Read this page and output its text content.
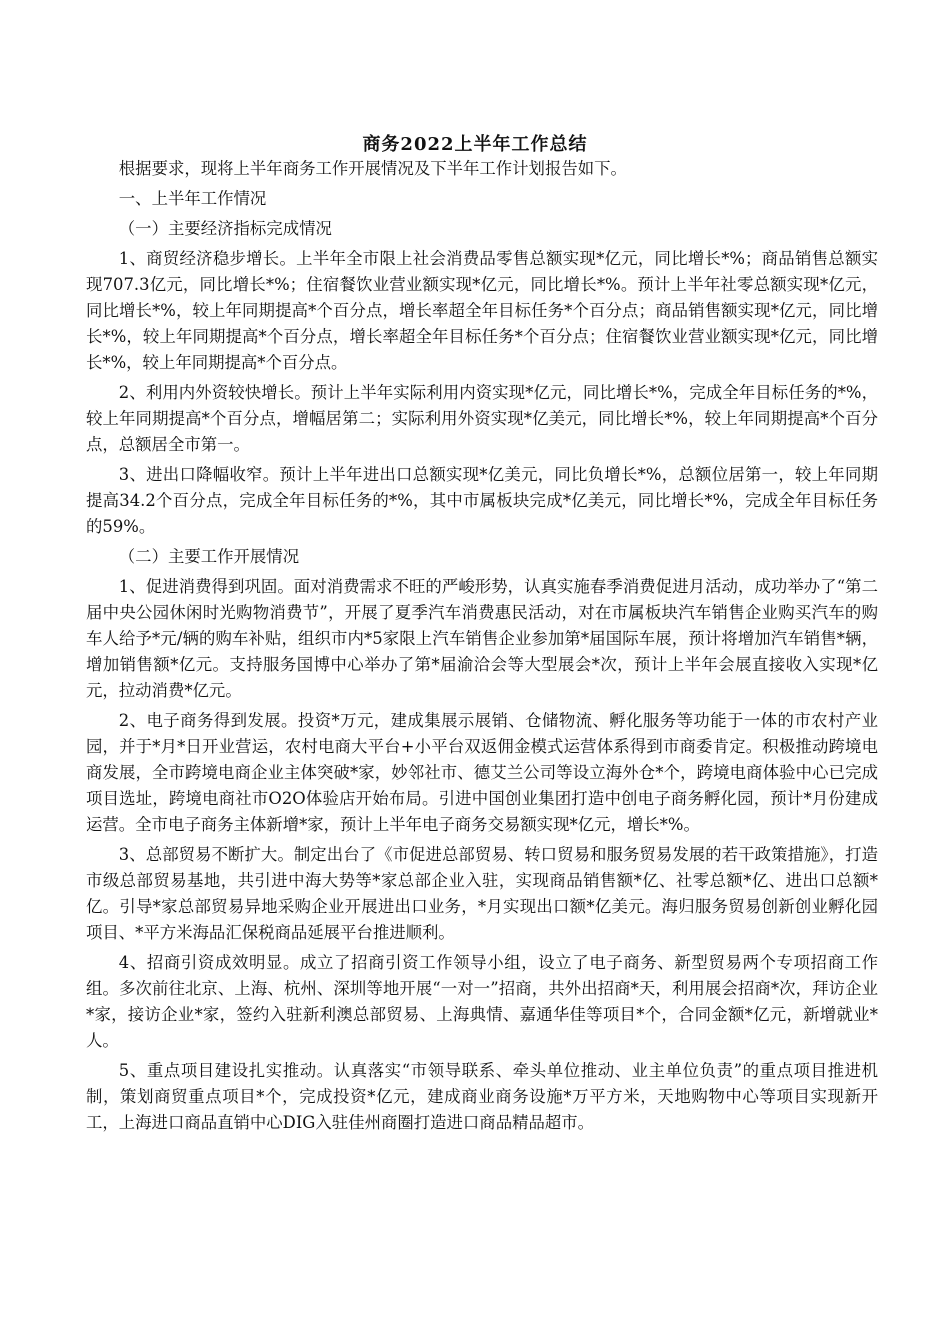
商务2022上半年工作总结

根据要求，现将上半年商务工作开展情况及下半年工作计划报告如下。

一、上半年工作情况

（一）主要经济指标完成情况

1、商贸经济稳步增长。上半年全市限上社会消费品零售总额实现*亿元，同比增长*%；商品销售总额实现707.3亿元，同比增长*%；住宿餐饮业营业额实现*亿元，同比增长*%。预计上半年社零总额实现*亿元，同比增长*%，较上年同期提高*个百分点，增长率超全年目标任务*个百分点；商品销售额实现*亿元，同比增长*%，较上年同期提高*个百分点，增长率超全年目标任务*个百分点；住宿餐饮业营业额实现*亿元，同比增长*%，较上年同期提高*个百分点。

2、利用内外资较快增长。预计上半年实际利用内资实现*亿元，同比增长*%，完成全年目标任务的*%，较上年同期提高*个百分点，增幅居第二；实际利用外资实现*亿美元，同比增长*%，较上年同期提高*个百分点，总额居全市第一。

3、进出口降幅收窄。预计上半年进出口总额实现*亿美元，同比负增长*%，总额位居第一，较上年同期提高34.2个百分点，完成全年目标任务的*%，其中市属板块完成*亿美元，同比增长*%，完成全年目标任务的59%。

（二）主要工作开展情况

1、促进消费得到巩固。面对消费需求不旺的严峻形势，认真实施春季消费促进月活动，成功举办了“第二届中央公园休闲时光购物消费节”，开展了夏季汽车消费惠民活动，对在市属板块汽车销售企业购买汽车的购车人给予*元/辆的购车补贴，组织市内*5家限上汽车销售企业参加第*届国际车展，预计将增加汽车销售*辆，增加销售额*亿元。支持服务国博中心举办了第*届渝洽会等大型展会*次，预计上半年会展直接收入实现*亿元，拉动消费*亿元。

2、电子商务得到发展。投资*万元，建成集展示展销、仓储物流、孵化服务等功能于一体的市农村产业园，并于*月*日开业营运，农村电商大平台+小平台双返佣金模式运营体系得到市商委肯定。积极推动跨境电商发展，全市跨境电商企业主体突破*家，妙邻社市、德艾兰公司等设立海外仓*个，跨境电商体验中心已完成项目选址，跨境电商社市O2O体验店开始布局。引进中国创业集团打造中创电子商务孵化园，预计*月份建成运营。全市电子商务主体新增*家，预计上半年电子商务交易额实现*亿元，增长*%。

3、总部贸易不断扩大。制定出台了《市促进总部贸易、转口贸易和服务贸易发展的若干政策措施》，打造市级总部贸易基地，共引进中海大势等*家总部企业入驻，实现商品销售额*亿、社零总额*亿、进出口总额*亿。引导*家总部贸易异地采购企业开展进出口业务，*月实现出口额*亿美元。海归服务贸易创新创业孵化园项目、*平方米海品汇保税商品延展平台推进顺利。

4、招商引资成效明显。成立了招商引资工作领导小组，设立了电子商务、新型贸易两个专项招商工作组。多次前往北京、上海、杭州、深圳等地开展“一对一”招商，共外出招商*天，利用展会招商*次，拜访企业*家，接访企业*家，签约入驻新利澳总部贸易、上海典情、嘉通华佳等项目*个，合同金额*亿元，新增就业*人。

5、重点项目建设扎实推动。认真落实“市领导联系、牵头单位推动、业主单位负责”的重点项目推进机制，策划商贸重点项目*个，完成投资*亿元，建成商业商务设施*万平方米，天地购物中心等项目实现新开工，上海进口商品直销中心DIG入驻佳州商圈打造进口商品精品超市。
